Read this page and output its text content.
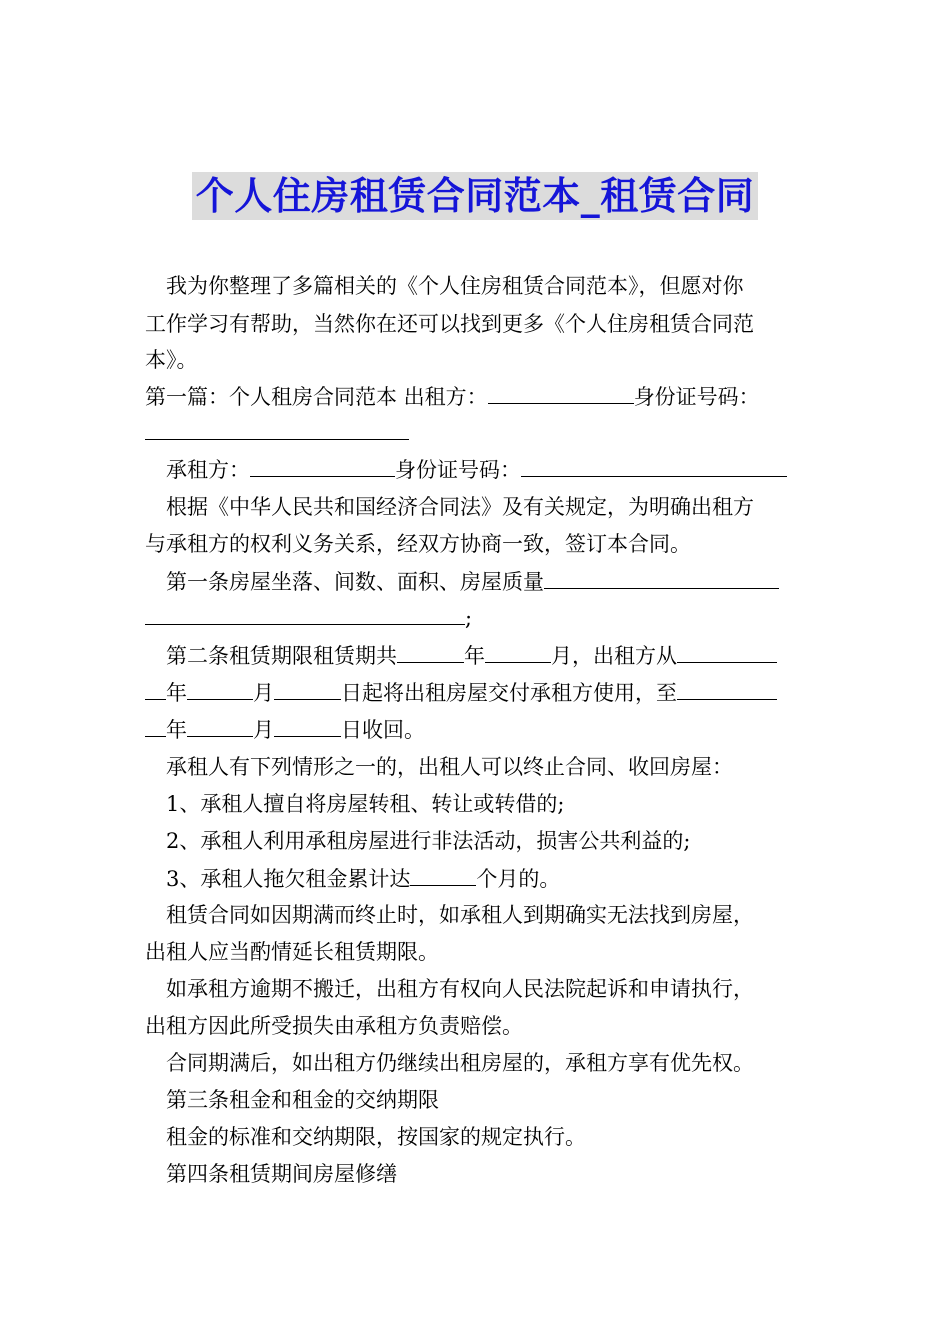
个人住房租赁合同范本_租赁合同
我为你整理了多篇相关的《个人住房租赁合同范本》，但愿对你
工作学习有帮助，当然你在还可以找到更多《个人住房租赁合同范
本》。
第一篇：个人租房合同范本 出租方：	身份证号码：
承租方：	身份证号码：
根据《中华人民共和国经济合同法》及有关规定，为明确出租方
与承租方的权利义务关系，经双方协商一致，签订本合同。
第一条房屋坐落、间数、面积、房屋质量
;
第二条租赁期限租赁期共	年	月，出租方从
年	月	日起将出租房屋交付承租方使用，至
年	月	日收回。
承租人有下列情形之一的，出租人可以终止合同、收回房屋：
1、承租人擅自将房屋转租、转让或转借的;
2、承租人利用承租房屋进行非法活动，损害公共利益的;
3、承租人拖欠租金累计达	个月的。
租赁合同如因期满而终止时，如承租人到期确实无法找到房屋，
出租人应当酌情延长租赁期限。
如承租方逾期不搬迁，出租方有权向人民法院起诉和申请执行，
出租方因此所受损失由承租方负责赔偿。
合同期满后，如出租方仍继续出租房屋的，承租方享有优先权。
第三条租金和租金的交纳期限
租金的标准和交纳期限，按国家的规定执行。
第四条租赁期间房屋修缮
